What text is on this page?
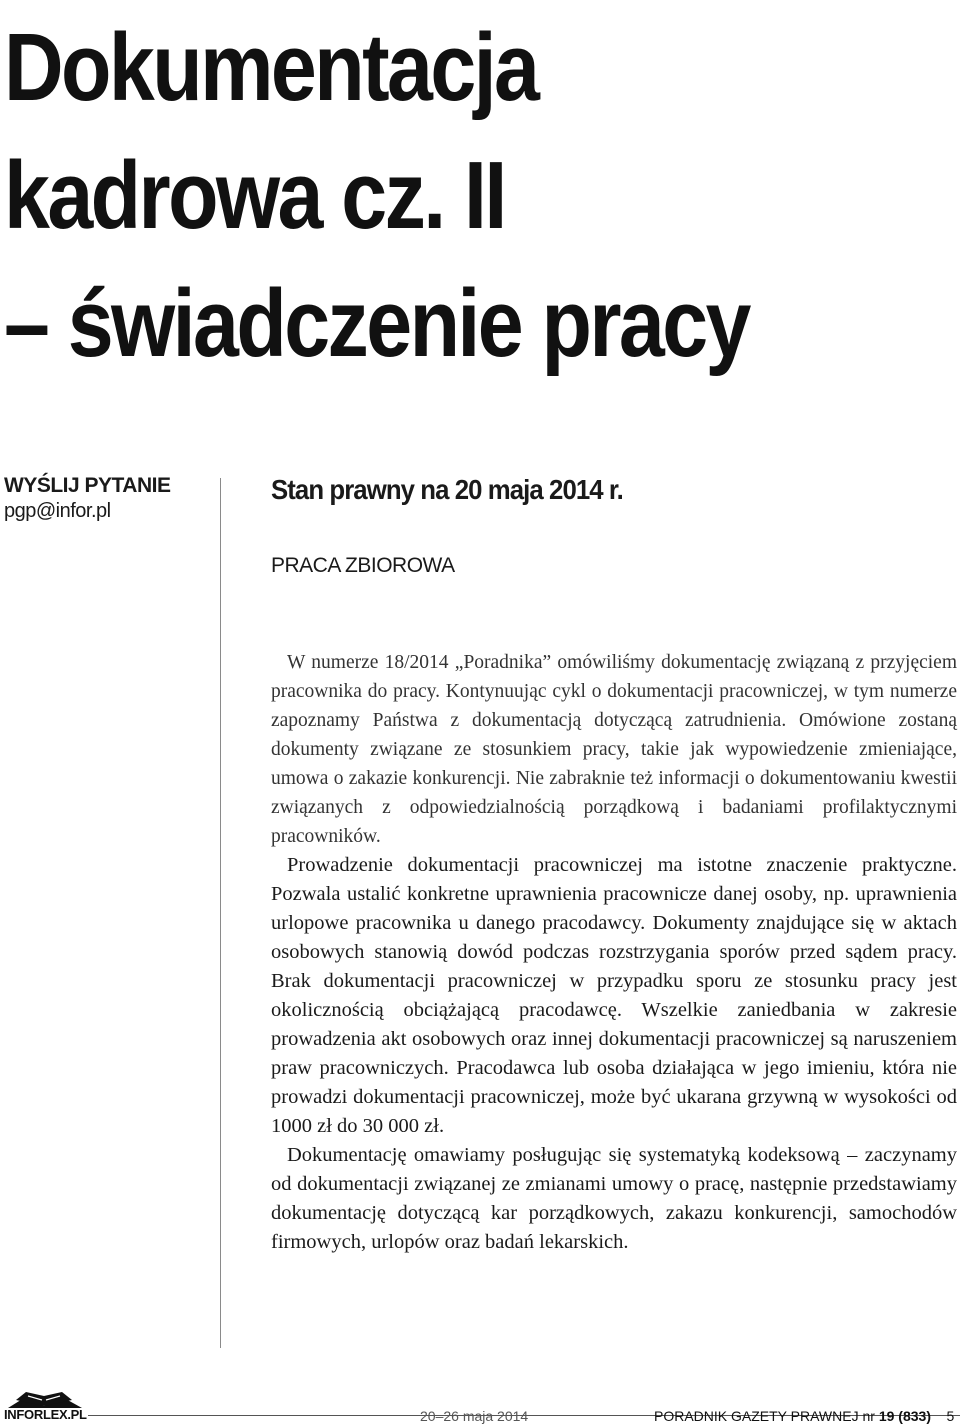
Dokumentacja
kadrowa cz. II
– świadczenie pracy
WYŚLIJ PYTANIE
pgp@infor.pl
Stan prawny na 20 maja 2014 r.
PRACA ZBIOROWA

W numerze 18/2014 „Poradnika” omówiliśmy dokumentację związaną z przyjęciem pracownika do pracy. Kontynuując cykl o dokumentacji pracowniczej, w tym numerze zapoznamy Państwa z dokumentacją dotyczącą zatrudnienia. Omówione zostaną dokumenty związane ze stosunkiem pracy, takie jak wypowiedzenie zmieniające, umowa o zakazie konkurencji. Nie zabraknie też informacji o dokumentowaniu kwestii związanych z odpowiedzialnością porządkową i badaniami profilaktycznymi pracowników.

Prowadzenie dokumentacji pracowniczej ma istotne znaczenie praktyczne. Pozwala ustalić konkretne uprawnienia pracownicze danej osoby, np. uprawnienia urlopowe pracownika u danego pracodawcy. Dokumenty znajdujące się w aktach osobowych stanowią dowód podczas rozstrzygania sporów przed sądem pracy. Brak dokumentacji pracowniczej w przypadku sporu ze stosunku pracy jest okolicznością obciążającą pracodawcę. Wszelkie zaniedbania w zakresie prowadzenia akt osobowych oraz innej dokumentacji pracowniczej są naruszeniem praw pracowniczych. Pracodawca lub osoba działająca w jego imieniu, która nie prowadzi dokumentacji pracowniczej, może być ukarana grzywną w wysokości od 1000 zł do 30 000 zł.

Dokumentację omawiamy posługując się systematyką kodeksową – zaczynamy od dokumentacji związanej ze zmianami umowy o pracę, następnie przedstawiamy dokumentację dotyczącą kar porządkowych, zakazu konkurencji, samochodów firmowych, urlopów oraz badań lekarskich.

INFORLEX.PL	20–26 maja 2014	PORADNIK GAZETY PRAWNEJ nr 19 (833) 5
